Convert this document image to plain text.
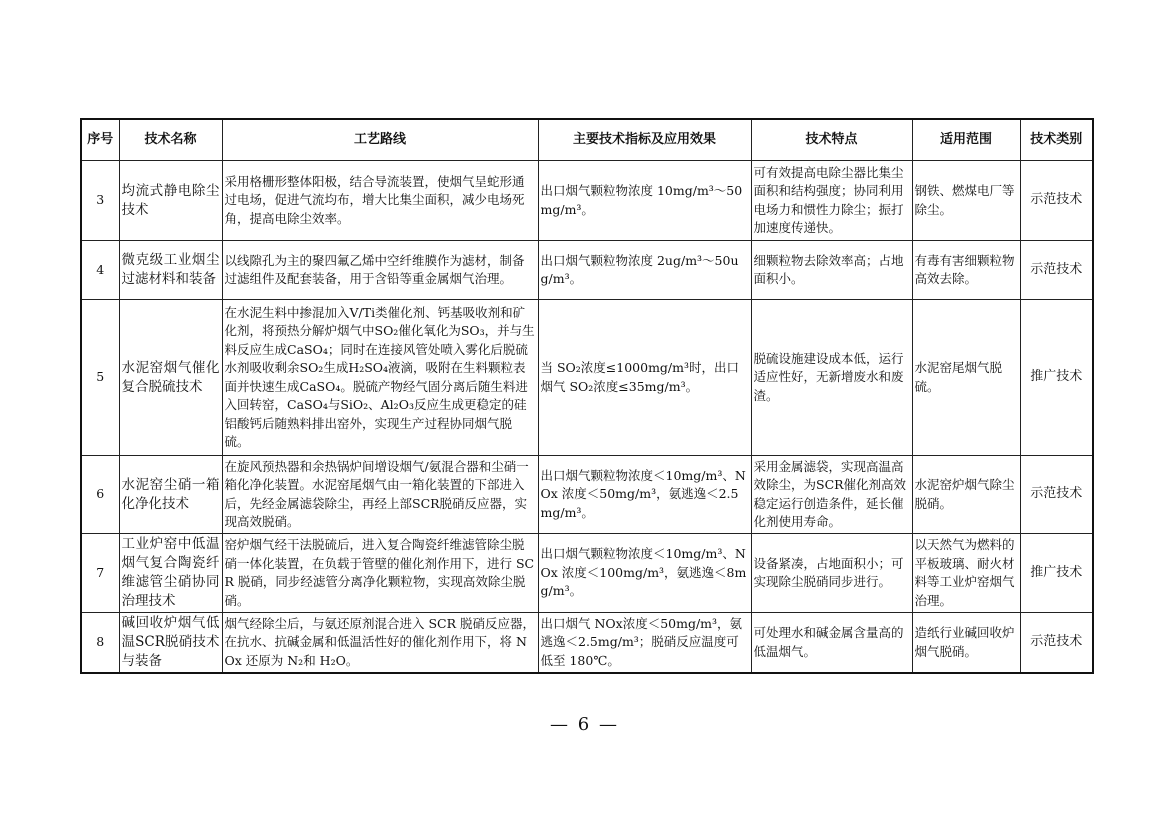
序号	技术名称	工艺路线	主要技术指标及应用效果	技术特点	适用范围	技术类别
3	均流式静电除尘技术	采用格栅形整体阳极，结合导流装置，使烟气呈蛇形通过电场，促进气流均布，增大比集尘面积，减少电场死角，提高电除尘效率。	出口烟气颗粒物浓度 10mg/m³～50mg/m³。	可有效提高电除尘器比集尘面积和结构强度；协同利用电场力和惯性力除尘；振打加速度传递快。	钢铁、燃煤电厂等除尘。	示范技术
4	微克级工业烟尘过滤材料和装备	以线隙孔为主的聚四氟乙烯中空纤维膜作为滤材，制备过滤组件及配套装备，用于含铅等重金属烟气治理。	出口烟气颗粒物浓度 2ug/m³～50ug/m³。	细颗粒物去除效率高；占地面积小。	有毒有害细颗粒物高效去除。	示范技术
5	水泥窑烟气催化复合脱硫技术	在水泥生料中掺混加入V/Ti类催化剂、钙基吸收剂和矿化剂，将预热分解炉烟气中SO₂催化氧化为SO₃，并与生料反应生成CaSO₄；同时在连接风管处喷入雾化后脱硫水剂吸收剩余SO₂生成H₂SO₄液滴，吸附在生料颗粒表面并快速生成CaSO₄。脱硫产物经气固分离后随生料进入回转窑，CaSO₄与SiO₂、Al₂O₃反应生成更稳定的硅铝酸钙后随熟料排出窑外，实现生产过程协同烟气脱硫。	当 SO₂浓度≤1000mg/m³时，出口烟气 SO₂浓度≤35mg/m³。	脱硫设施建设成本低，运行适应性好，无新增废水和废渣。	水泥窑尾烟气脱硫。	推广技术
6	水泥窑尘硝一箱化净化技术	在旋风预热器和余热锅炉间增设烟气/氨混合器和尘硝一箱化净化装置。水泥窑尾烟气由一箱化装置的下部进入后，先经金属滤袋除尘，再经上部SCR脱硝反应器，实现高效脱硝。	出口烟气颗粒物浓度＜10mg/m³、NOx 浓度＜50mg/m³，氨逃逸＜2.5mg/m³。	采用金属滤袋，实现高温高效除尘，为SCR催化剂高效稳定运行创造条件，延长催化剂使用寿命。	水泥窑炉烟气除尘脱硝。	示范技术
7	工业炉窑中低温烟气复合陶瓷纤维滤管尘硝协同治理技术	窑炉烟气经干法脱硫后，进入复合陶瓷纤维滤管除尘脱硝一体化装置，在负载于管壁的催化剂作用下，进行 SCR 脱硝，同步经滤管分离净化颗粒物，实现高效除尘脱硝。	出口烟气颗粒物浓度＜10mg/m³、NOx 浓度＜100mg/m³，氨逃逸＜8mg/m³。	设备紧凑，占地面积小；可实现除尘脱硝同步进行。	以天然气为燃料的平板玻璃、耐火材料等工业炉窑烟气治理。	推广技术
8	碱回收炉烟气低温SCR脱硝技术与装备	烟气经除尘后，与氨还原剂混合进入 SCR 脱硝反应器，在抗水、抗碱金属和低温活性好的催化剂作用下，将 NOx 还原为 N₂和 H₂O。	出口烟气 NOx浓度＜50mg/m³，氨逃逸＜2.5mg/m³；脱硝反应温度可低至 180℃。	可处理水和碱金属含量高的低温烟气。	造纸行业碱回收炉烟气脱硝。	示范技术
— 6 —
